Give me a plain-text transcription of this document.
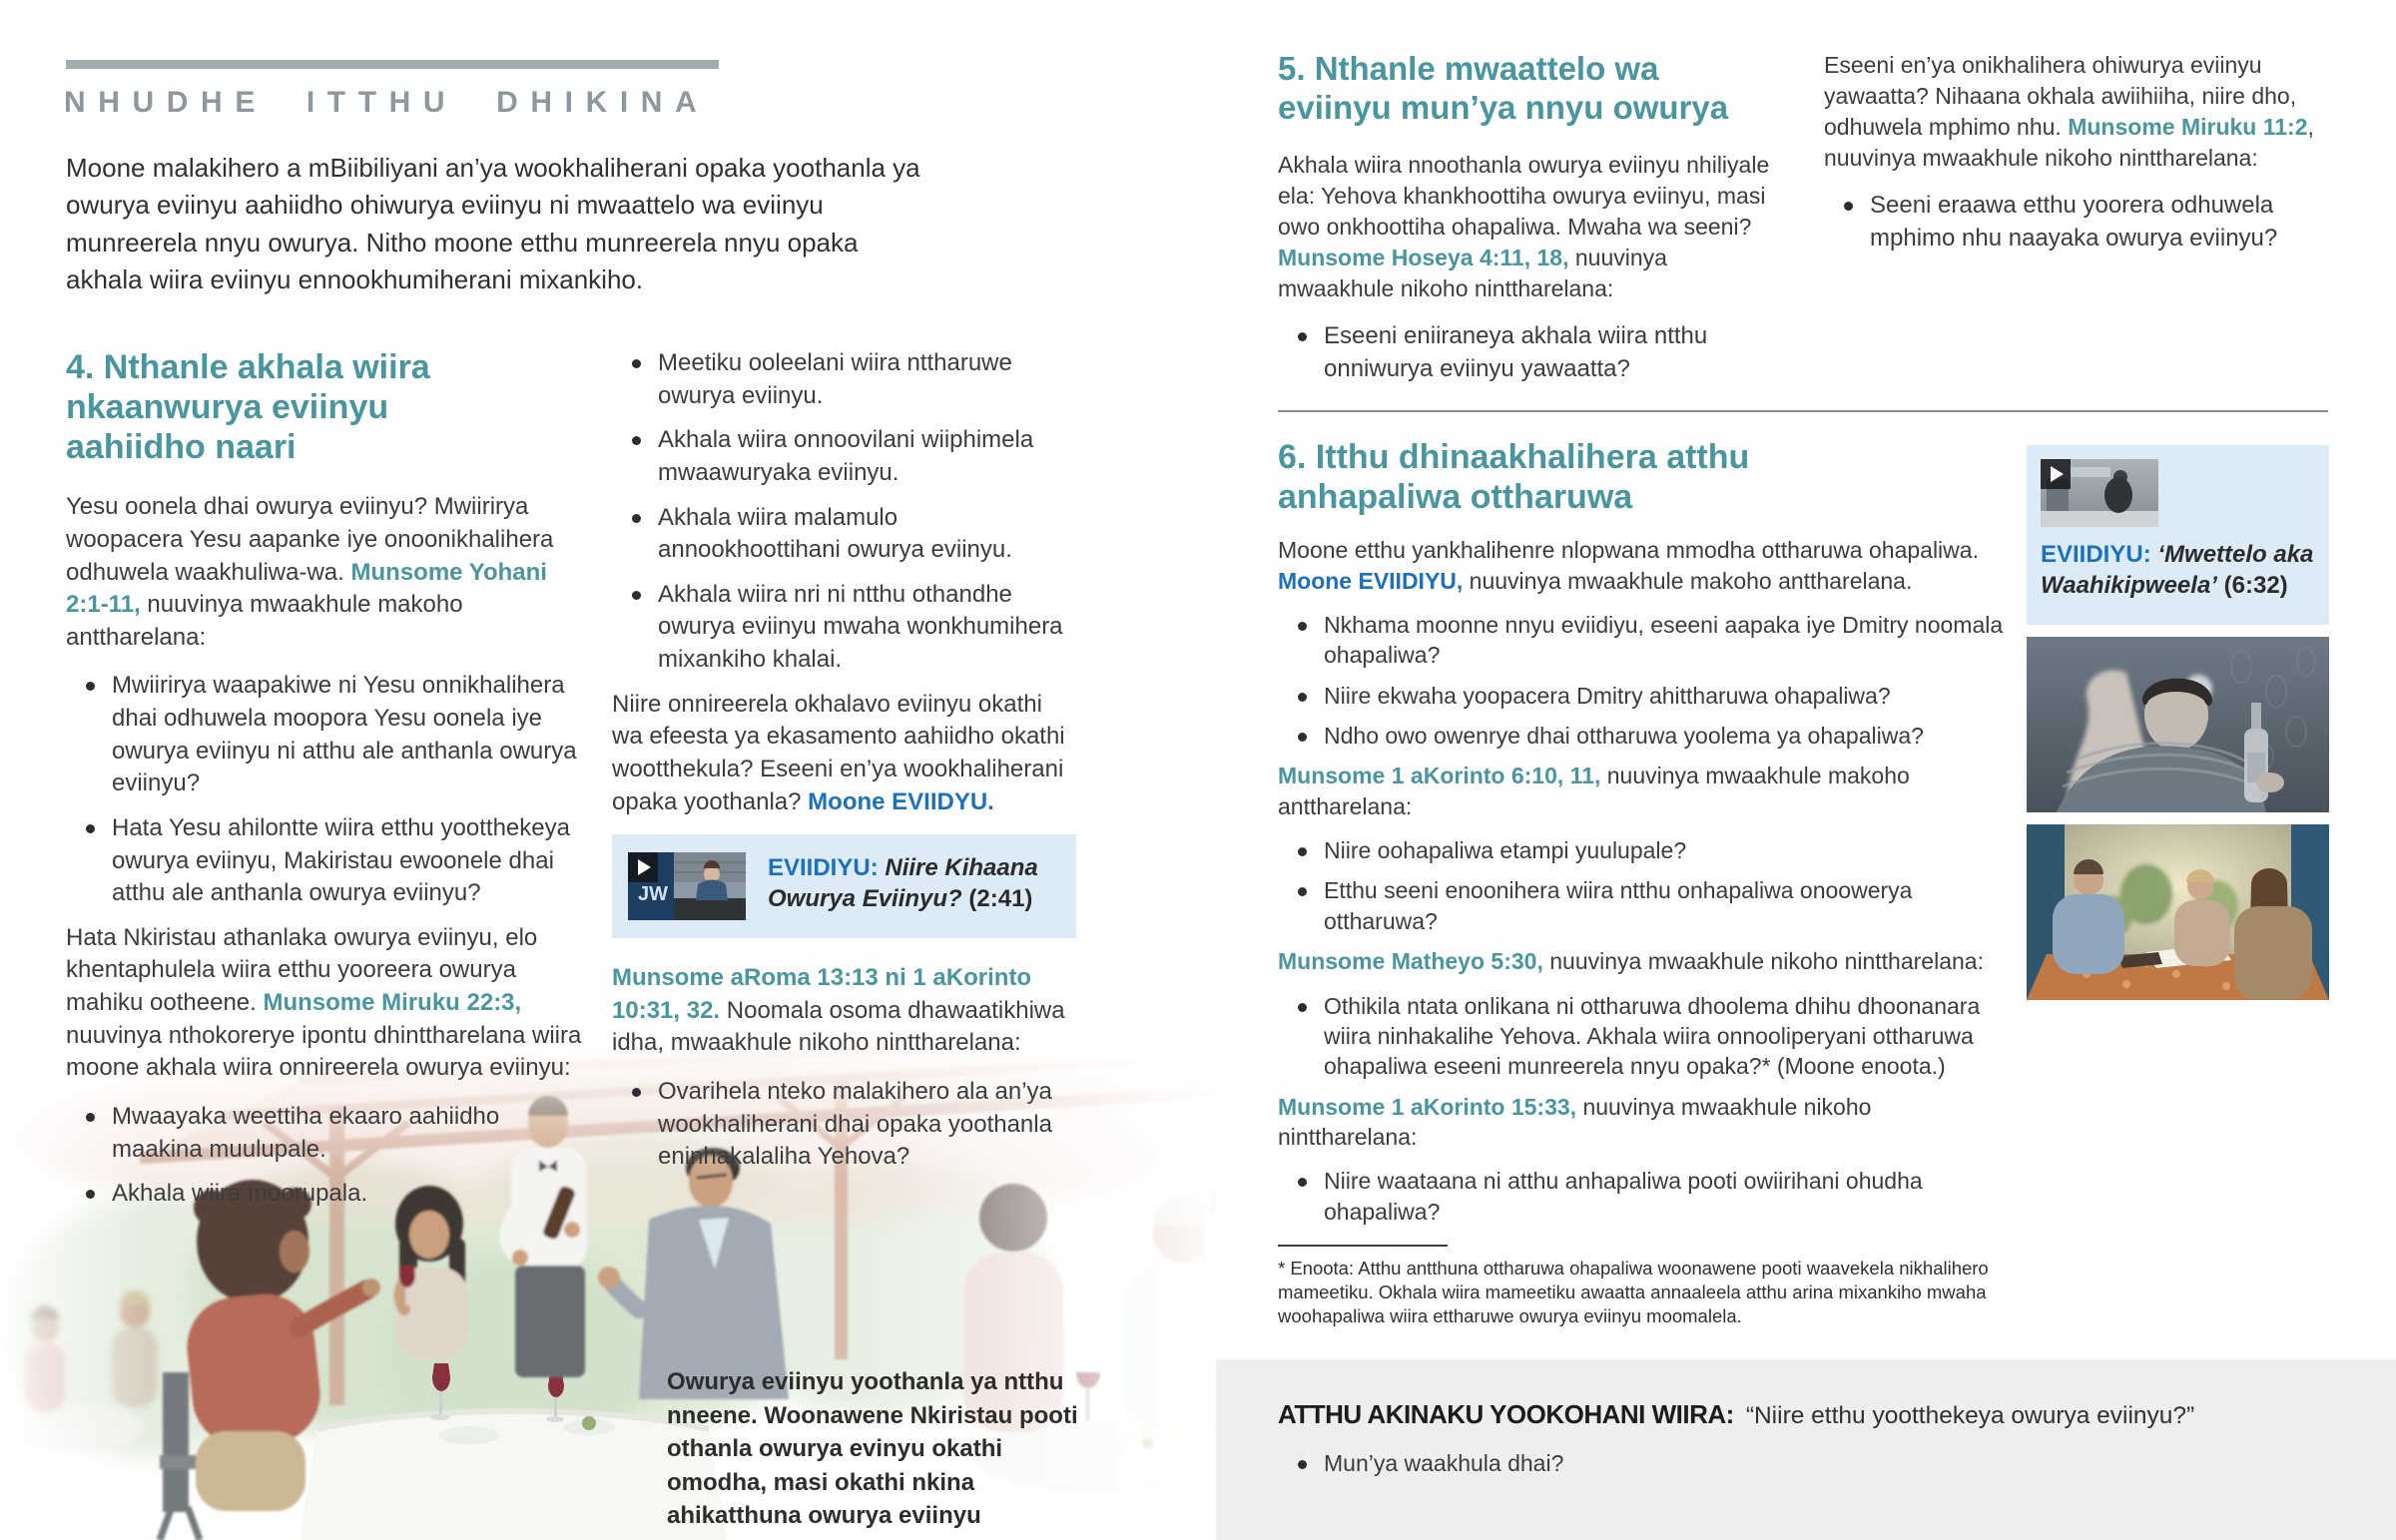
NHUDHE ITTHU DHIKINA

Moone malakihero a mBiibiliyani an’ya wookhaliherani opaka yoothanla ya owurya eviinyu aahiidho ohiwurya eviinyu ni mwaattelo wa eviinyu munreerela nnyu owurya. Nitho moone etthu munreerela nnyu opaka akhala wiira eviinyu ennookhumiherani mixankiho.

4. Nthanle akhala wiira nkaanwurya eviinyu aahiidho naari

Yesu oonela dhai owurya eviinyu? Mwiirirya woopacera Yesu aapanke iye onoonikhalihera odhuwela waakhuliwa-wa. Munsome Yohani 2:1-11, nuuvinya mwaakhule makoho anttharelana:

Mwiirirya waapakiwe ni Yesu onnikhalihera dhai odhuwela moopora Yesu oonela iye owurya eviinyu ni atthu ale anthanla owurya eviinyu?
Hata Yesu ahilontte wiira etthu yootthekeya owurya eviinyu, Makiristau ewoonele dhai atthu ale anthanla owurya eviinyu?

Hata Nkiristau athanlaka owurya eviinyu, elo khentaphulela wiira etthu yooreera owurya mahiku ootheene. Munsome Miruku 22:3, nuuvinya nthokorerye ipontu dhinttharelana wiira moone akhala wiira onnireerela owurya eviinyu:

Mwaayaka weettiha ekaaro aahiidho maakina muulupale.
Akhala wiira moorupala.
Meetiku ooleelani wiira nttharuwe owurya eviinyu.
Akhala wiira onnoovilani wiiphimela mwaawuryaka eviinyu.
Akhala wiira malamulo annookhoottihani owurya eviinyu.
Akhala wiira nri ni ntthu othandhe owurya eviinyu mwaha wonkhumihera mixankiho khalai.

Niire onnireerela okhalavo eviinyu okathi wa efeesta ya ekasamento aahiidho okathi wootthekula? Eseeni en’ya wookhaliherani opaka yoothanla? Moone EVIIDYU.

JW
EVIIDIYU: Niire Kihaana Owurya Eviinyu? (2:41)

Munsome aRoma 13:13 ni 1 aKorinto 10:31, 32. Noomala osoma dhawaatikhiwa idha, mwaakhule nikoho ninttharelana:

Ovarihela nteko malakihero ala an’ya wookhaliherani dhai opaka yoothanla eninhakalaliha Yehova?
Owurya eviinyu yoothanla ya ntthu nneene. Woonawene Nkiristau pooti othanla owurya evinyu okathi omodha, masi okathi nkina ahikatthuna owurya eviinyu
5. Nthanle mwaattelo wa eviinyu mun’ya nnyu owurya

Akhala wiira nnoothanla owurya eviinyu nhiliyale ela: Yehova khankhoottiha owurya eviinyu, masi owo onkhoottiha ohapaliwa. Mwaha wa seeni? Munsome Hoseya 4:11, 18, nuuvinya mwaakhule nikoho ninttharelana:

Eseeni eniiraneya akhala wiira ntthu onniwurya eviinyu yawaatta?

Eseeni en’ya onikhalihera ohiwurya eviinyu yawaatta? Nihaana okhala awiihiiha, niire dho, odhuwela mphimo nhu. Munsome Miruku 11:2, nuuvinya mwaakhule nikoho ninttharelana:

Seeni eraawa etthu yoorera odhuwela mphimo nhu naayaka owurya eviinyu?
6. Itthu dhinaakhalihera atthu anhapaliwa ottharuwa

Moone etthu yankhalihenre nlopwana mmodha ottharuwa ohapaliwa. Moone EVIIDIYU, nuuvinya mwaakhule makoho anttharelana.

Nkhama moonne nnyu eviidiyu, eseeni aapaka iye Dmitry noomala ohapaliwa?
Niire ekwaha yoopacera Dmitry ahittharuwa ohapaliwa?
Ndho owo owenrye dhai ottharuwa yoolema ya ohapaliwa?

Munsome 1 aKorinto 6:10, 11, nuuvinya mwaakhule makoho anttharelana:

Niire oohapaliwa etampi yuulupale?
Etthu seeni enoonihera wiira ntthu onhapaliwa onoowerya ottharuwa?

Munsome Matheyo 5:30, nuuvinya mwaakhule nikoho ninttharelana:

Othikila ntata onlikana ni ottharuwa dhoolema dhihu dhoonanara wiira ninhakalihe Yehova. Akhala wiira onnooliperyani ottharuwa ohapaliwa eseeni munreerela nnyu opaka?* (Moone enoota.)

Munsome 1 aKorinto 15:33, nuuvinya mwaakhule nikoho ninttharelana:

Niire waataana ni atthu anhapaliwa pooti owiirihani ohudha ohapaliwa?

* Enoota: Atthu antthuna ottharuwa ohapaliwa woonawene pooti waavekela nikhalihero mameetiku. Okhala wiira mameetiku awaatta annaaleela atthu arina mixankiho mwaha woohapaliwa wiira ettharuwe owurya eviinyu moomalela.

EVIIDIYU: ‘Mwettelo aka Waahikipweela’ (6:32)

ATTHU AKINAKU YOOKOHANI WIIRA: “Niire etthu yootthekeya owurya eviinyu?”

Mun’ya waakhula dhai?
